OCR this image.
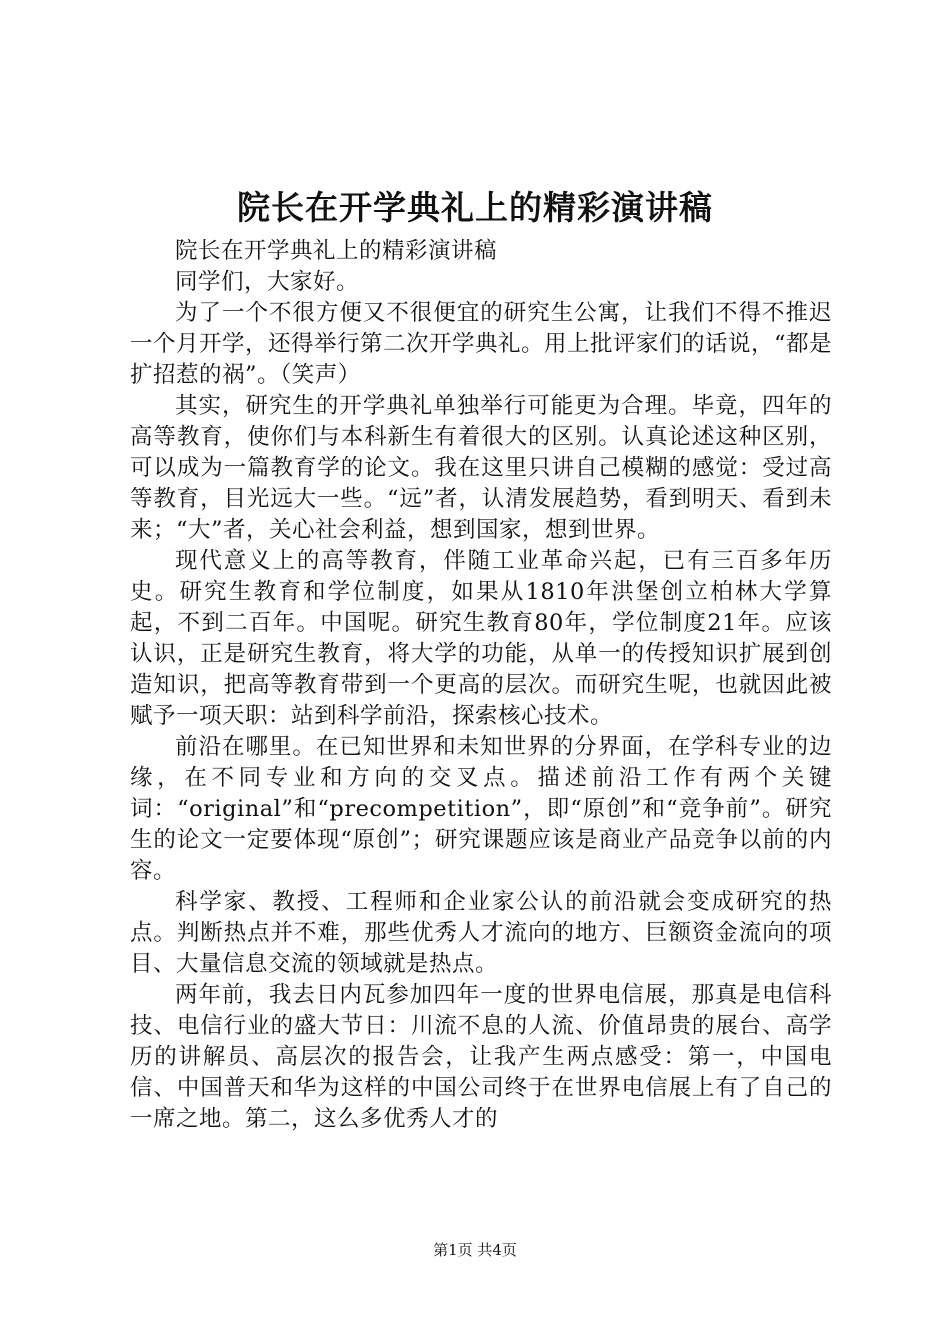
院长在开学典礼上的精彩演讲稿

院长在开学典礼上的精彩演讲稿

同学们，大家好。

为了一个不很方便又不很便宜的研究生公寓，让我们不得不推迟一个月开学，还得举行第二次开学典礼。用上批评家们的话说，“都是扩招惹的祸”。（笑声）

其实，研究生的开学典礼单独举行可能更为合理。毕竟，四年的高等教育，使你们与本科新生有着很大的区别。认真论述这种区别，可以成为一篇教育学的论文。我在这里只讲自己模糊的感觉：受过高等教育，目光远大一些。“远”者，认清发展趋势，看到明天、看到未来；“大”者，关心社会利益，想到国家，想到世界。

现代意义上的高等教育，伴随工业革命兴起，已有三百多年历史。研究生教育和学位制度，如果从1810年洪堡创立柏林大学算起，不到二百年。中国呢。研究生教育80年，学位制度21年。应该认识，正是研究生教育，将大学的功能，从单一的传授知识扩展到创造知识，把高等教育带到一个更高的层次。而研究生呢，也就因此被赋予一项天职：站到科学前沿，探索核心技术。

前沿在哪里。在已知世界和未知世界的分界面，在学科专业的边缘，在不同专业和方向的交叉点。描述前沿工作有两个关键词：“original”和“precompetition”，即“原创”和“竞争前”。研究生的论文一定要体现“原创”；研究课题应该是商业产品竞争以前的内容。

科学家、教授、工程师和企业家公认的前沿就会变成研究的热点。判断热点并不难，那些优秀人才流向的地方、巨额资金流向的项目、大量信息交流的领域就是热点。

两年前，我去日内瓦参加四年一度的世界电信展，那真是电信科技、电信行业的盛大节日：川流不息的人流、价值昂贵的展台、高学历的讲解员、高层次的报告会，让我产生两点感受：第一，中国电信、中国普天和华为这样的中国公司终于在世界电信展上有了自己的一席之地。第二，这么多优秀人才的

第1页 共4页
